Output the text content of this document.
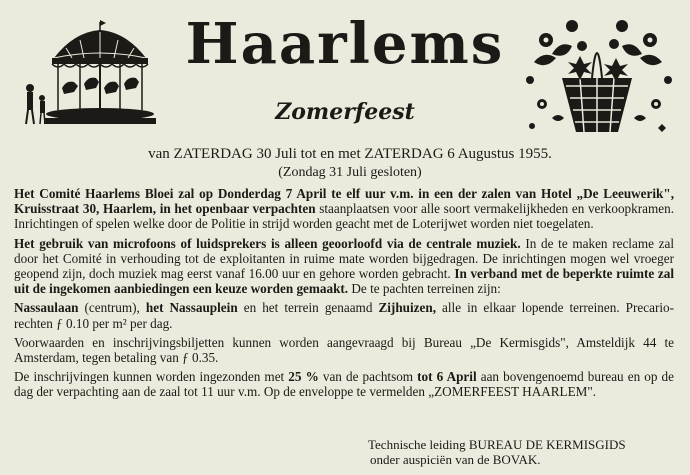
Haarlems
Zomerfeest
van ZATERDAG 30 Juli tot en met ZATERDAG 6 Augustus 1955.
(Zondag 31 Juli gesloten)

Het Comité Haarlems Bloei zal op Donderdag 7 April te elf uur v.m. in een der zalen van Hotel „De Leeuwerik", Kruisstraat 30, Haarlem, in het openbaar verpachten staanplaatsen voor alle soort vermakelijkheden en verkoopkramen. Inrichtingen of spelen welke door de Politie in strijd worden geacht met de Loterijwet worden niet toegelaten.

Het gebruik van microfoons of luidsprekers is alleen geoorloofd via de centrale muziek. In de te maken reclame zal door het Comité in verhouding tot de exploitanten in ruime mate worden bijgedragen. De inrichtingen mogen wel vroeger geopend zijn, doch muziek mag eerst vanaf 16.00 uur en gehore worden gebracht. In verband met de beperkte ruimte zal uit de ingekomen aanbiedingen een keuze worden gemaakt. De te pachten terreinen zijn:

Nassaulaan (centrum), het Nassauplein en het terrein genaamd Zijhuizen, alle in elkaar lopende terreinen. Precario-rechten ƒ 0.10 per m² per dag.

Voorwaarden en inschrijvingsbiljetten kunnen worden aangevraagd bij Bureau „De Kermisgids", Amsteldijk 44 te Amsterdam, tegen betaling van ƒ 0.35.

De inschrijvingen kunnen worden ingezonden met 25 % van de pachtsom tot 6 April aan bovengenoemd bureau en op de dag der verpachting aan de zaal tot 11 uur v.m. Op de enveloppe te vermelden „ZOMERFEEST HAARLEM".

Technische leiding BUREAU DE KERMISGIDS
onder auspiciën van de BOVAK.
